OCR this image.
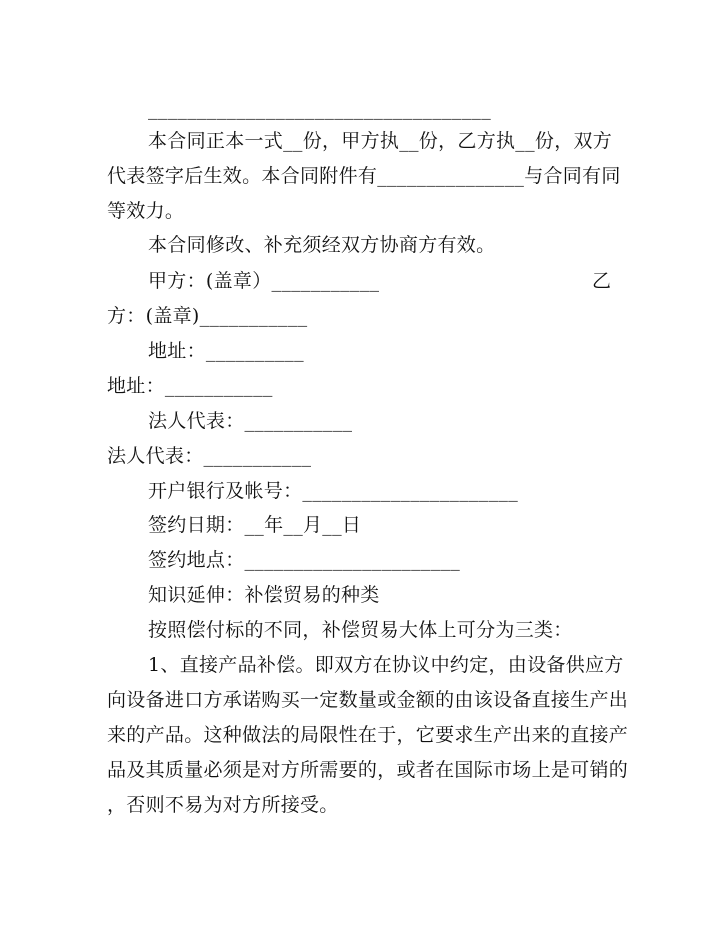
___________________________________
本合同正本一式__份，甲方执__份，乙方执__份，双方
代表签字后生效。本合同附件有_______________与合同有同
等效力。
本合同修改、补充须经双方协商方有效。
甲方：(盖章）___________	乙
方：(盖章)___________
地址：__________
地址：___________
法人代表：___________
法人代表：___________
开户银行及帐号：______________________
签约日期：__年__月__日
签约地点：______________________
知识延伸：补偿贸易的种类
按照偿付标的不同，补偿贸易大体上可分为三类：
1、直接产品补偿。即双方在协议中约定，由设备供应方
向设备进口方承诺购买一定数量或金额的由该设备直接生产出
来的产品。这种做法的局限性在于，它要求生产出来的直接产
品及其质量必须是对方所需要的，或者在国际市场上是可销的
，否则不易为对方所接受。
